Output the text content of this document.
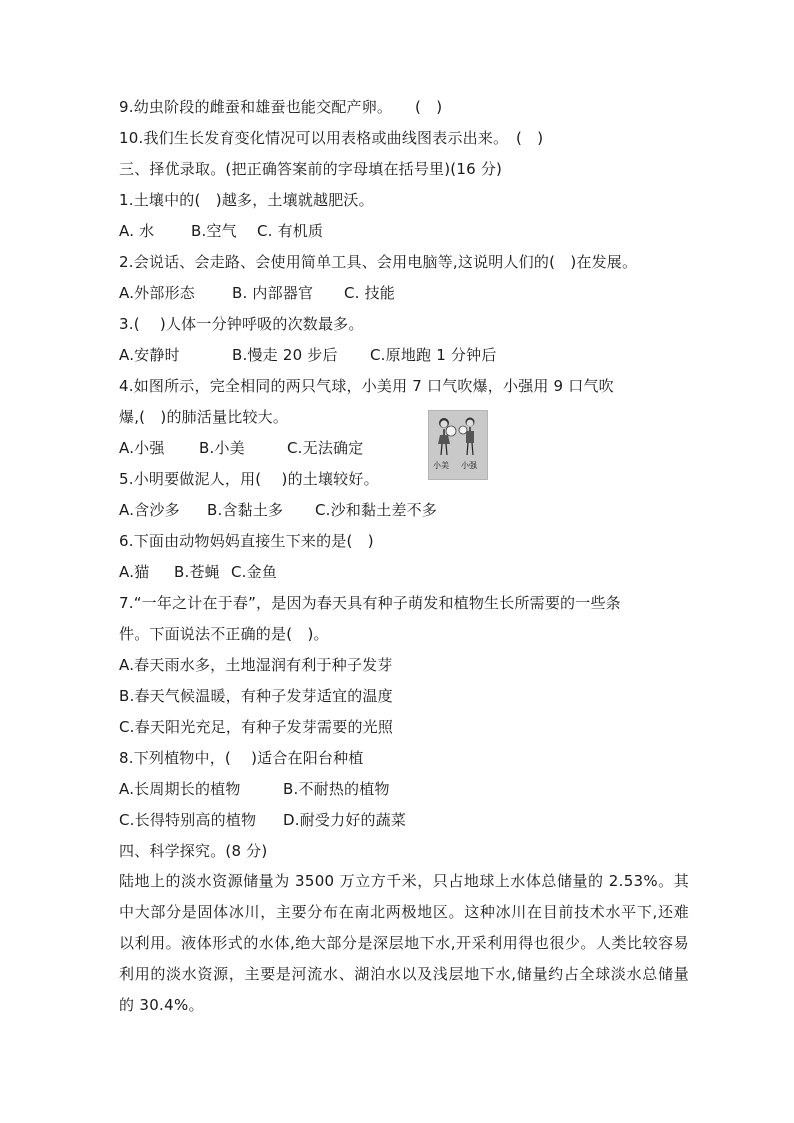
9.幼虫阶段的雌蚕和雄蚕也能交配产卵。　　(　)
10.我们生长发育变化情况可以用表格或曲线图表示出来。　(　)
三、择优录取。(把正确答案前的字母填在括号里)(16 分)
1.土壤中的(　)越多，土壤就越肥沃。
A. 水 B.空气 C. 有机质
2.会说话、会走路、会使用简单工具、会用电脑等,这说明人们的(　)在发展。
A.外部形态 B. 内部器官 C. 技能
3.(　 )人体一分钟呼吸的次数最多。
A.安静时	B.慢走 20 步后 C.原地跑 1 分钟后
4.如图所示，完全相同的两只气球，小美用 7 口气吹爆，小强用 9 口气吹
爆,(　)的肺活量比较大。
A.小强 B.小美	C.无法确定
小美 小强
5.小明要做泥人，用(　 )的土壤较好。
A.含沙多 B.含黏土多 C.沙和黏土差不多
6.下面由动物妈妈直接生下来的是(　)
A.猫 B.苍蝇 C.金鱼
7.“一年之计在于春”，是因为春天具有种子萌发和植物生长所需要的一些条
件。下面说法不正确的是(　)。
A.春天雨水多，土地湿润有利于种子发芽
B.春天气候温暖，有种子发芽适宜的温度
C.春天阳光充足，有种子发芽需要的光照
8.下列植物中，(　 )适合在阳台种植
A.长周期长的植物	B.不耐热的植物
C.长得特别高的植物 D.耐受力好的蔬菜
四、科学探究。(8 分)
陆地上的淡水资源储量为 3500 万立方千米，只占地球上水体总储量的 2.53%。其中大部分是固体冰川，主要分布在南北两极地区。这种冰川在目前技术水平下,还难以利用。液体形式的水体,绝大部分是深层地下水,开采利用得也很少。人类比较容易利用的淡水资源，主要是河流水、湖泊水以及浅层地下水,储量约占全球淡水总储量的 30.4%。
